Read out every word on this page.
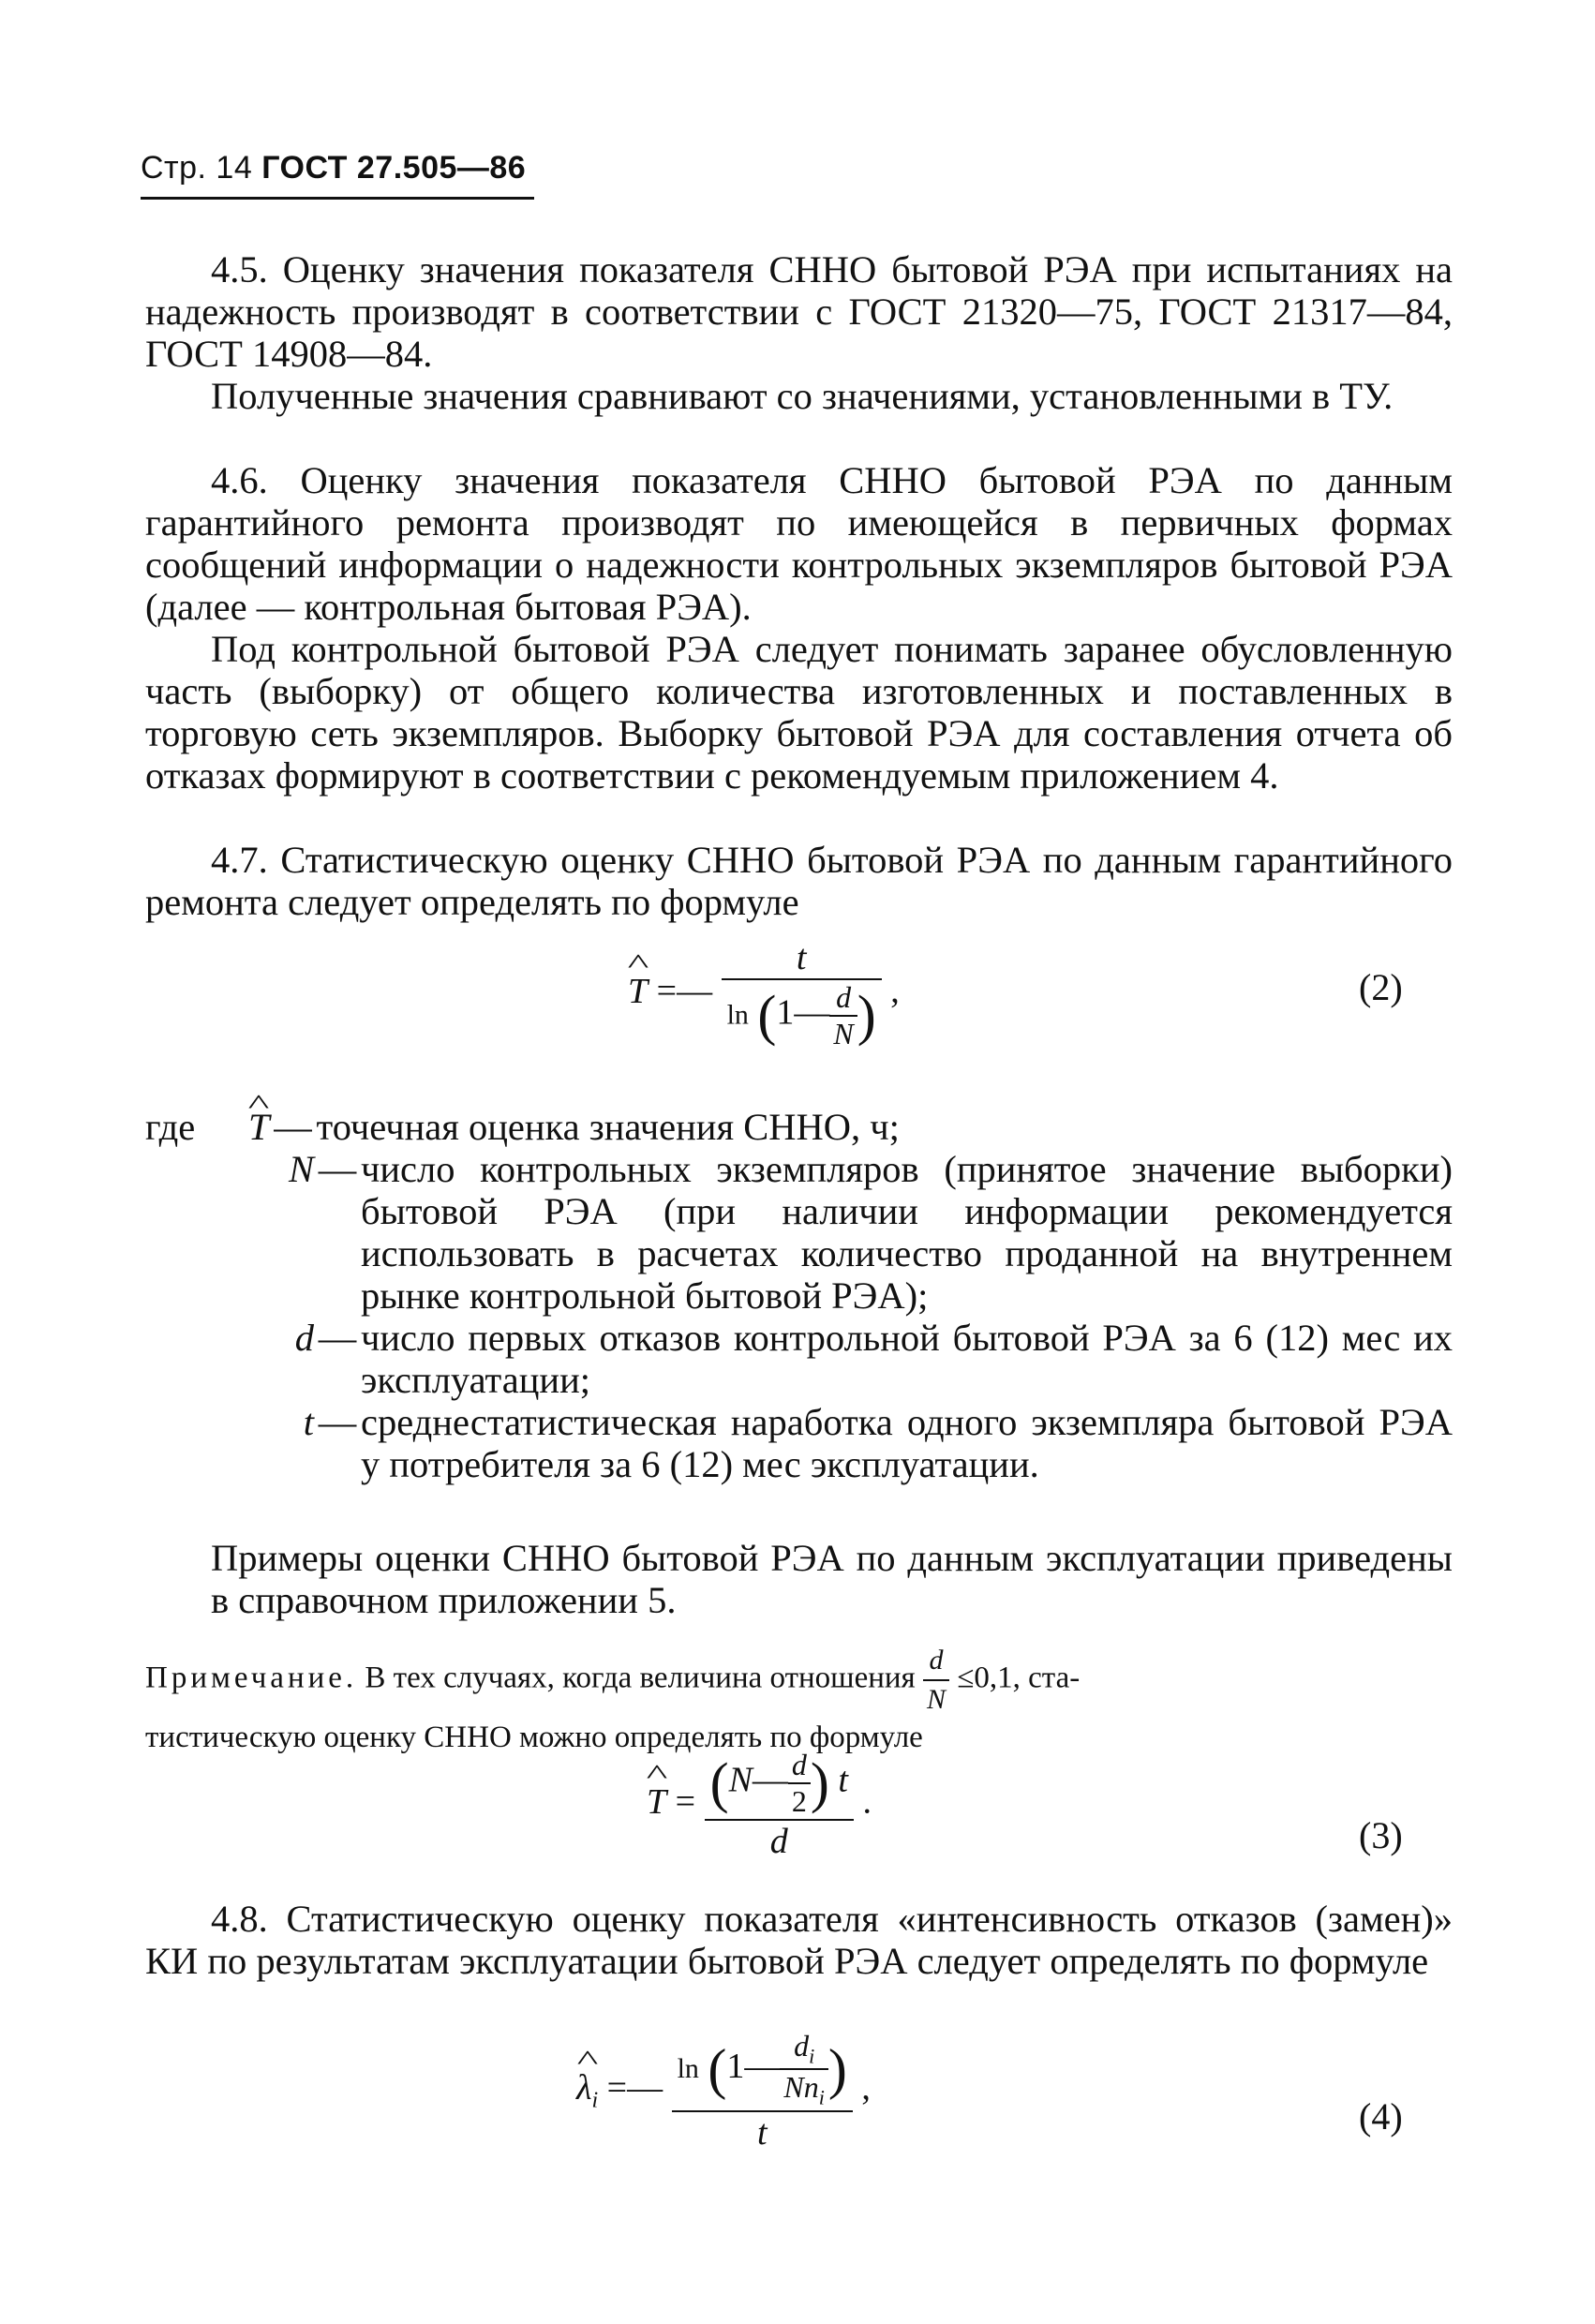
Стр. 14 ГОСТ 27.505—86

4.5. Оценку значения показателя СННО бытовой РЭА при испытаниях на надежность производят в соответствии с ГОСТ 21320—75, ГОСТ 21317—84, ГОСТ 14908—84.

Полученные значения сравнивают со значениями, установленными в ТУ.

4.6. Оценку значения показателя СННО бытовой РЭА по данным гарантийного ремонта производят по имеющейся в первичных формах сообщений информации о надежности контрольных экземпляров бытовой РЭА (далее — контрольная бытовая РЭА).

Под контрольной бытовой РЭА следует понимать заранее обусловленную часть (выборку) от общего количества изготовленных и поставленных в торговую сеть экземпляров. Выборку бытовой РЭА для составления отчета об отказах формируют в соответствии с рекомендуемым приложением 4.

4.7. Статистическую оценку СННО бытовой РЭА по данным гарантийного ремонта следует определять по формуле

^ T =— $\frac{t}{\ln (1— \frac{d}{N} )}$ ,	(2)
где
^	T — точечная оценка значения СННО, ч;
N — число контрольных экземпляров (принятое значение выборки) бытовой РЭА (при наличии информации рекомендуется использовать в расчетах количество проданной на внутреннем рынке контрольной бытовой РЭА);
d — число первых отказов контрольной бытовой РЭА за 6 (12) мес их эксплуатации;
t — среднестатистическая наработка одного экземпляра бытовой РЭА у потребителя за 6 (12) мес эксплуатации.

Примеры оценки СННО бытовой РЭА по данным эксплуатации приведены в справочном приложении 5.

Примечание. В тех случаях, когда величина отношения $\frac{d}{N} \le 0,1$, ста-
тистическую оценку СННО можно определять по формуле
^ $T = \frac{(N— \frac{d}{2} ) t}{d}$ .
(3)

4.8. Статистическую оценку показателя «интенсивность отказов (замен)» КИ по результатам эксплуатации бытовой РЭА следует определять по формуле

^ $\lambda_i$ =— $\frac{\ln (1— \frac{d_i}{Nn_i} )}{t}$ ,
(4)
